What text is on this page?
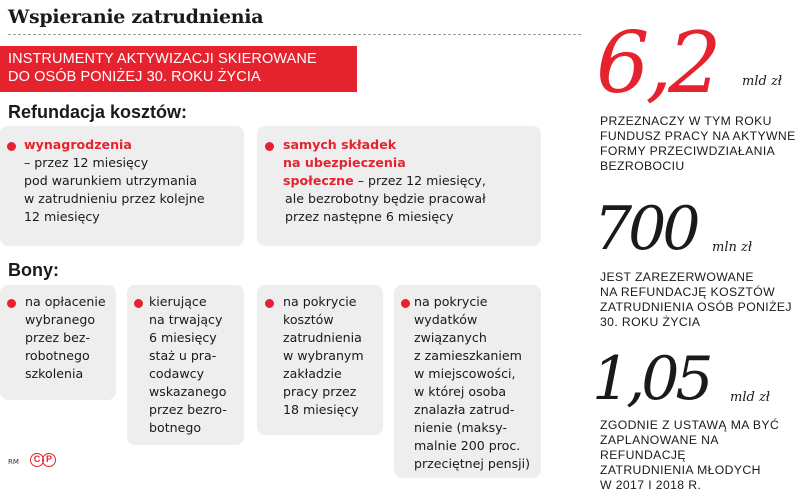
Wspieranie zatrudnienia
INSTRUMENTY AKTYWIZACJI SKIEROWANE
DO OSÓB PONIŻEJ 30. ROKU ŻYCIA
Refundacja kosztów:
wynagrodzenia
– przez 12 miesięcy
pod warunkiem utrzymania
w zatrudnieniu przez kolejne
12 miesięcy
samych składek
na ubezpieczenia
społeczne – przez 12 miesięcy,
ale bezrobotny będzie pracował
przez następne 6 miesięcy
Bony:
na opłacenie
wybranego
przez bez-
robotnego
szkolenia
kierujące
na trwający
6 miesięcy
staż u pra-
codawcy
wskazanego
przez bezro-
botnego
na pokrycie
kosztów
zatrudnienia
w wybranym
zakładzie
pracy przez
18 miesięcy
na pokrycie
wydatków
związanych
z zamieszkaniem
w miejscowości,
w której osoba
znalazła zatrud-
nienie (maksy-
malnie 200 proc.
przeciętnej pensji)
6,2 mld zł
PRZEZNACZY W TYM ROKU
FUNDUSZ PRACY NA AKTYWNE
FORMY PRZECIWDZIAŁANIA
BEZROBOCIU
700 mln zł
JEST ZAREZERWOWANE
NA REFUNDACJĘ KOSZTÓW
ZATRUDNIENIA OSÓB PONIŻEJ
30. ROKU ŻYCIA
1,05 mld zł
ZGODNIE Z USTAWĄ MA BYĆ
ZAPLANOWANE NA REFUNDACJĘ
ZATRUDNIENIA MŁODYCH
W 2017 I 2018 R.
RM	C P
